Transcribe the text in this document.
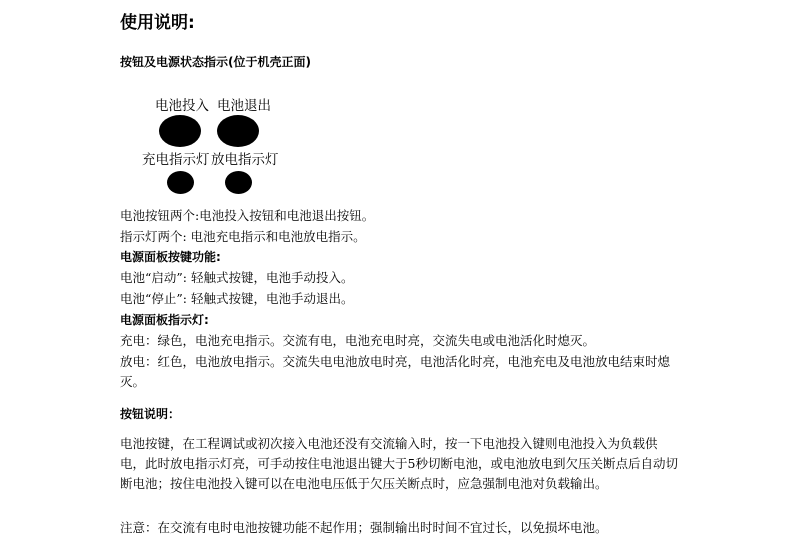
使用说明:
按钮及电源状态指示(位于机壳正面)
电池投入 电池退出
充电指示灯 放电指示灯
电池按钮两个:电池投入按钮和电池退出按钮。
指示灯两个: 电池充电指示和电池放电指示。
电源面板按键功能:
电池“启动”: 轻触式按键，电池手动投入。
电池“停止”: 轻触式按键，电池手动退出。
电源面板指示灯:
充电：绿色，电池充电指示。交流有电，电池充电时亮，交流失电或电池活化时熄灭。
放电：红色，电池放电指示。交流失电电池放电时亮，电池活化时亮，电池充电及电池放电结束时熄灭。
按钮说明：
电池按键，在工程调试或初次接入电池还没有交流输入时，按一下电池投入键则电池投入为负载供电，此时放电指示灯亮，可手动按住电池退出键大于5秒切断电池，或电池放电到欠压关断点后自动切断电池；按住电池投入键可以在电池电压低于欠压关断点时，应急强制电池对负载输出。
注意：在交流有电时电池按键功能不起作用；强制输出时时间不宜过长，以免损坏电池。
